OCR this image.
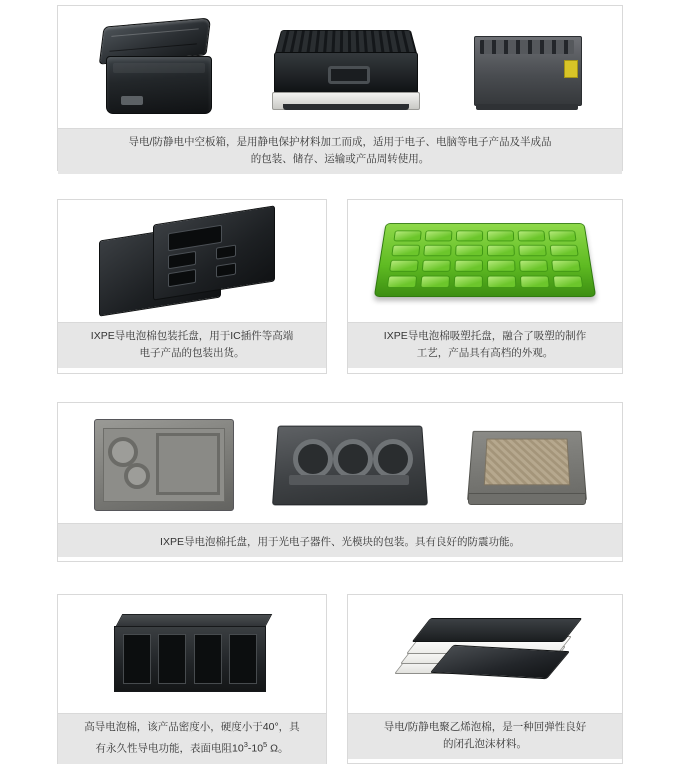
导电/防静电中空板箱，是用静电保护材料加工而成，适用于电子、电脑等电子产品及半成品
的包装、储存、运输或产品周转使用。
IXPE导电泡棉包装托盘，用于IC插件等高端
电子产品的包装出货。
IXPE导电泡棉吸塑托盘，融合了吸塑的制作
工艺，产品具有高档的外观。
IXPE导电泡棉托盘，用于光电子器件、光模块的包装。具有良好的防震功能。
高导电泡棉，该产品密度小，硬度小于40°，具
有永久性导电功能，表面电阻$10^3-10^5$ Ω。
导电/防静电聚乙烯泡棉，是一种回弹性良好
的闭孔泡沫材料。
